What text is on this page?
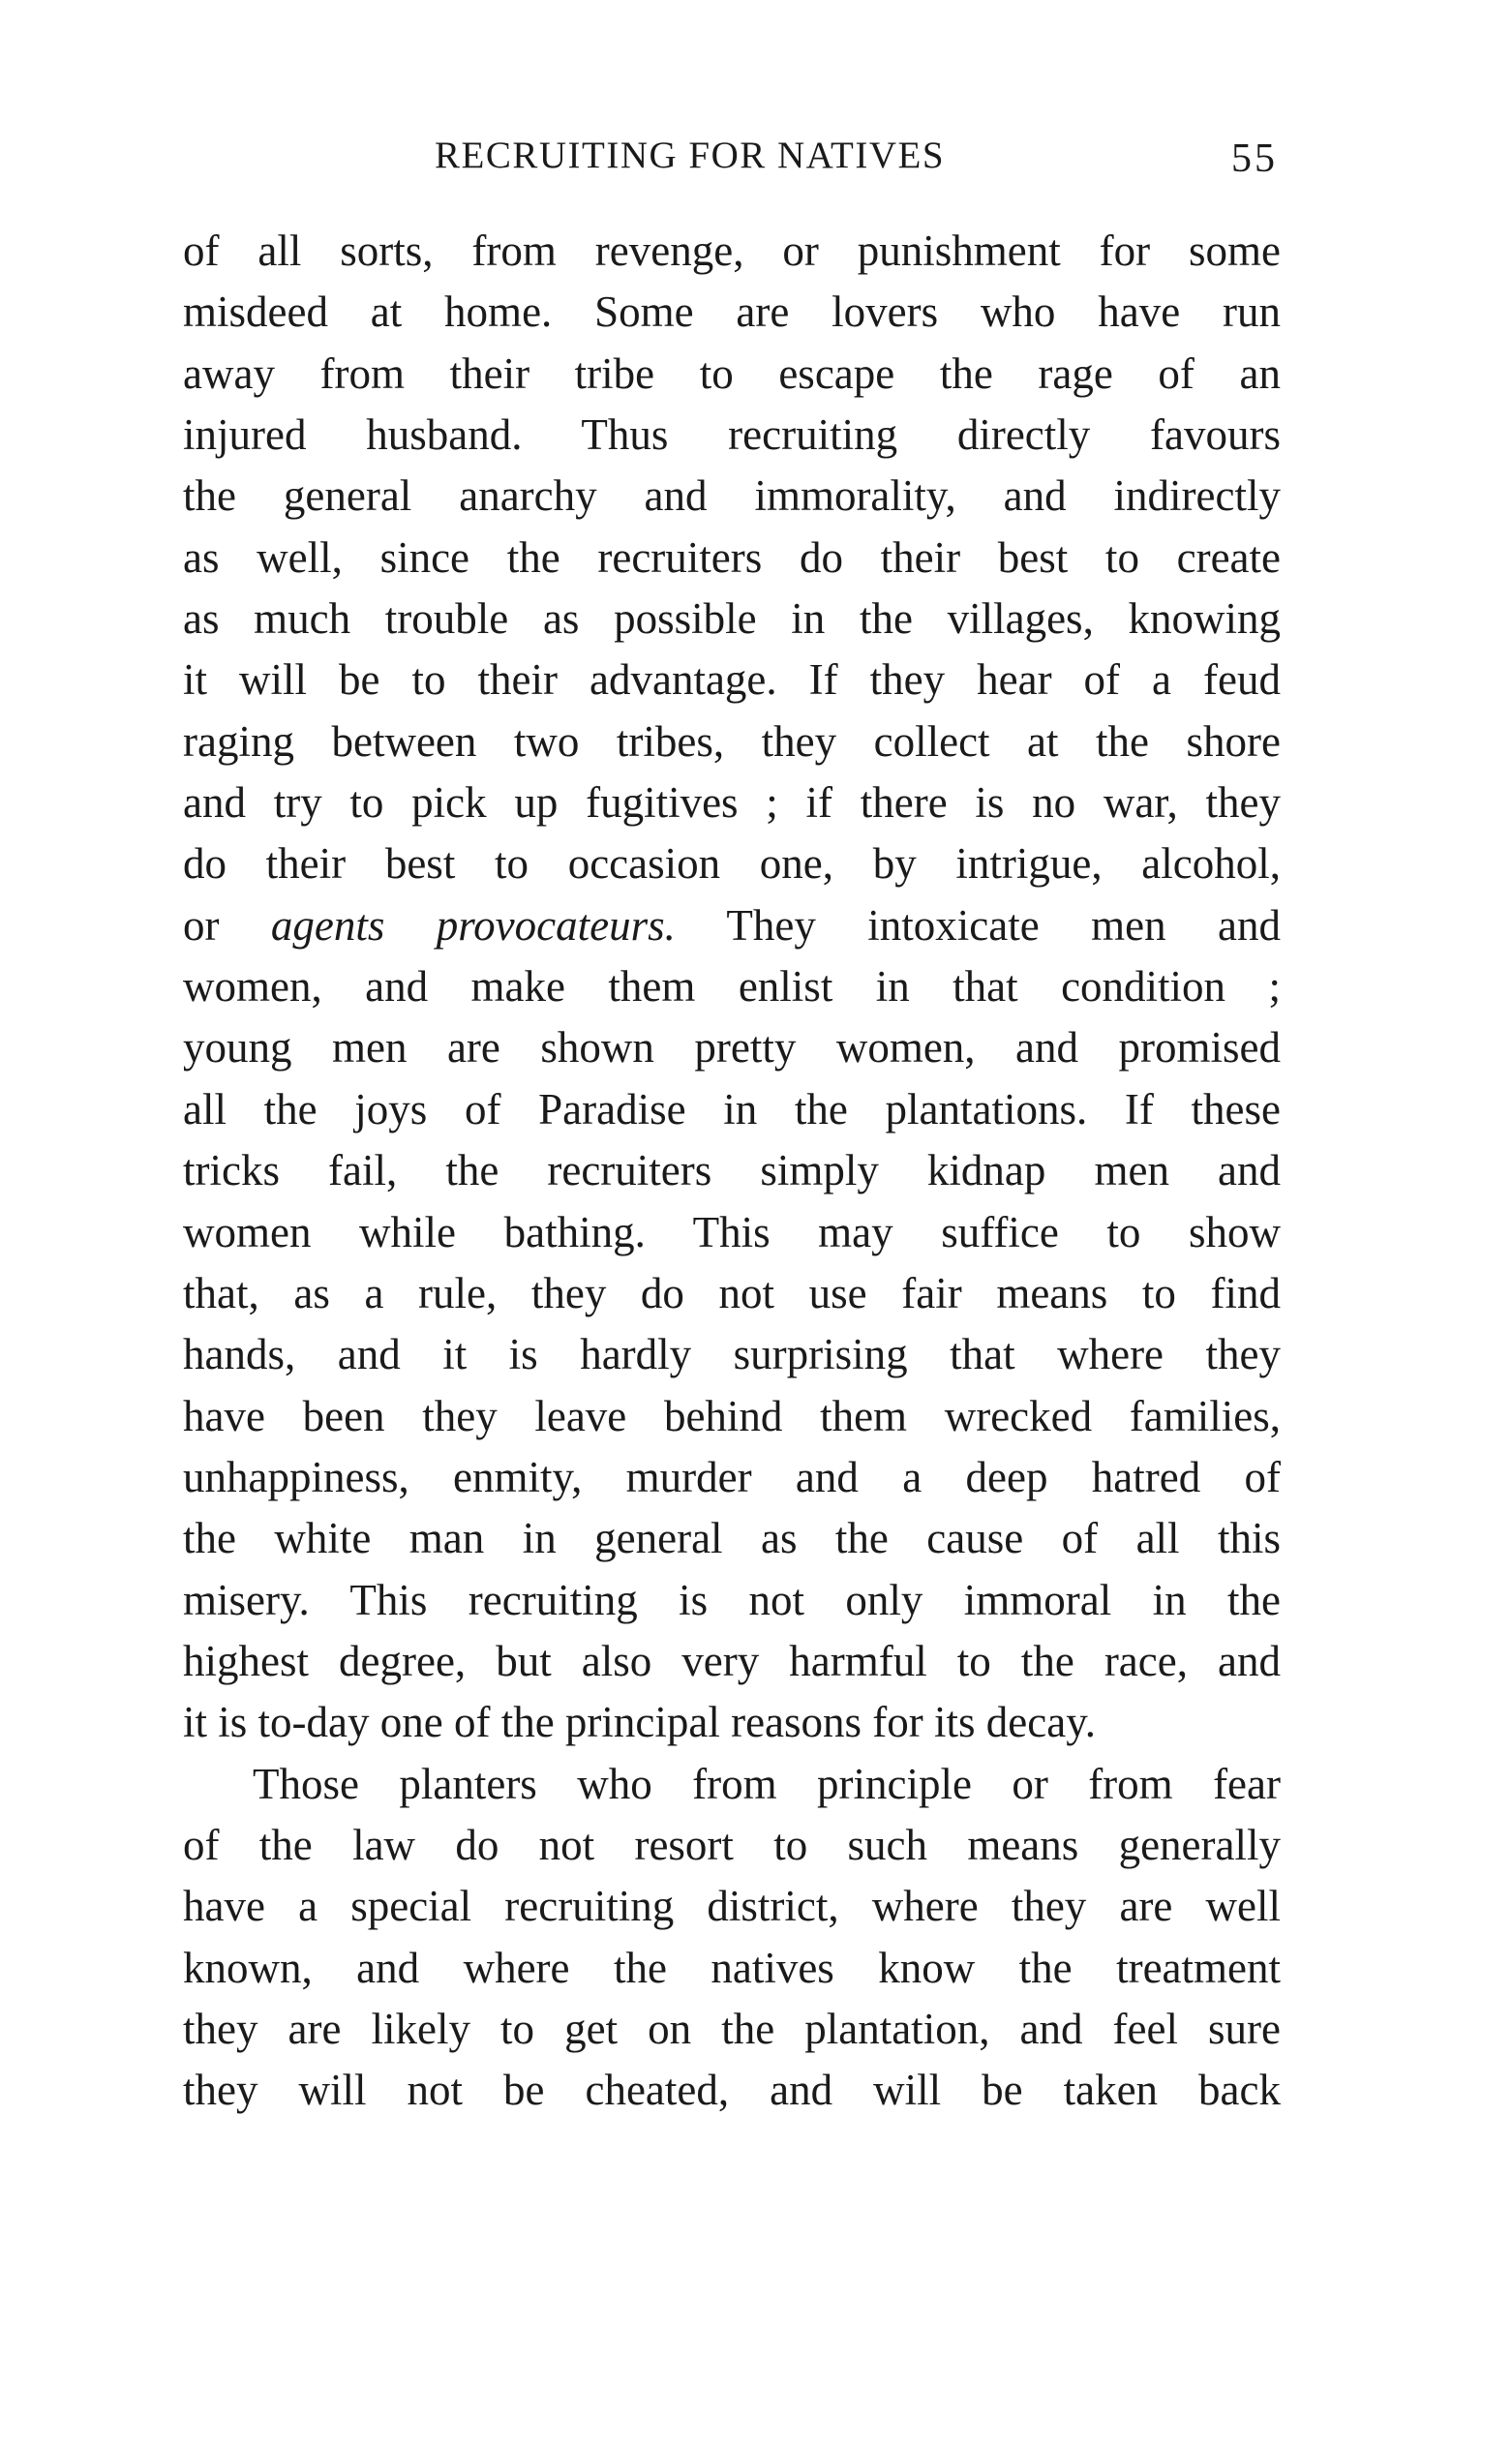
RECRUITING FOR NATIVES	55
of all sorts, from revenge, or punishment for some
misdeed at home. Some are lovers who have run
away from their tribe to escape the rage of an
injured husband. Thus recruiting directly favours
the general anarchy and immorality, and indirectly
as well, since the recruiters do their best to create
as much trouble as possible in the villages, knowing
it will be to their advantage. If they hear of a feud
raging between two tribes, they collect at the shore
and try to pick up fugitives ; if there is no war, they
do their best to occasion one, by intrigue, alcohol,
or agents provocateurs. They intoxicate men and
women, and make them enlist in that condition ;
young men are shown pretty women, and promised
all the joys of Paradise in the plantations. If these
tricks fail, the recruiters simply kidnap men and
women while bathing. This may suffice to show
that, as a rule, they do not use fair means to find
hands, and it is hardly surprising that where they
have been they leave behind them wrecked families,
unhappiness, enmity, murder and a deep hatred of
the white man in general as the cause of all this
misery. This recruiting is not only immoral in the
highest degree, but also very harmful to the race, and
it is to-day one of the principal reasons for its decay.
Those planters who from principle or from fear
of the law do not resort to such means generally
have a special recruiting district, where they are well
known, and where the natives know the treatment
they are likely to get on the plantation, and feel sure
they will not be cheated, and will be taken back
